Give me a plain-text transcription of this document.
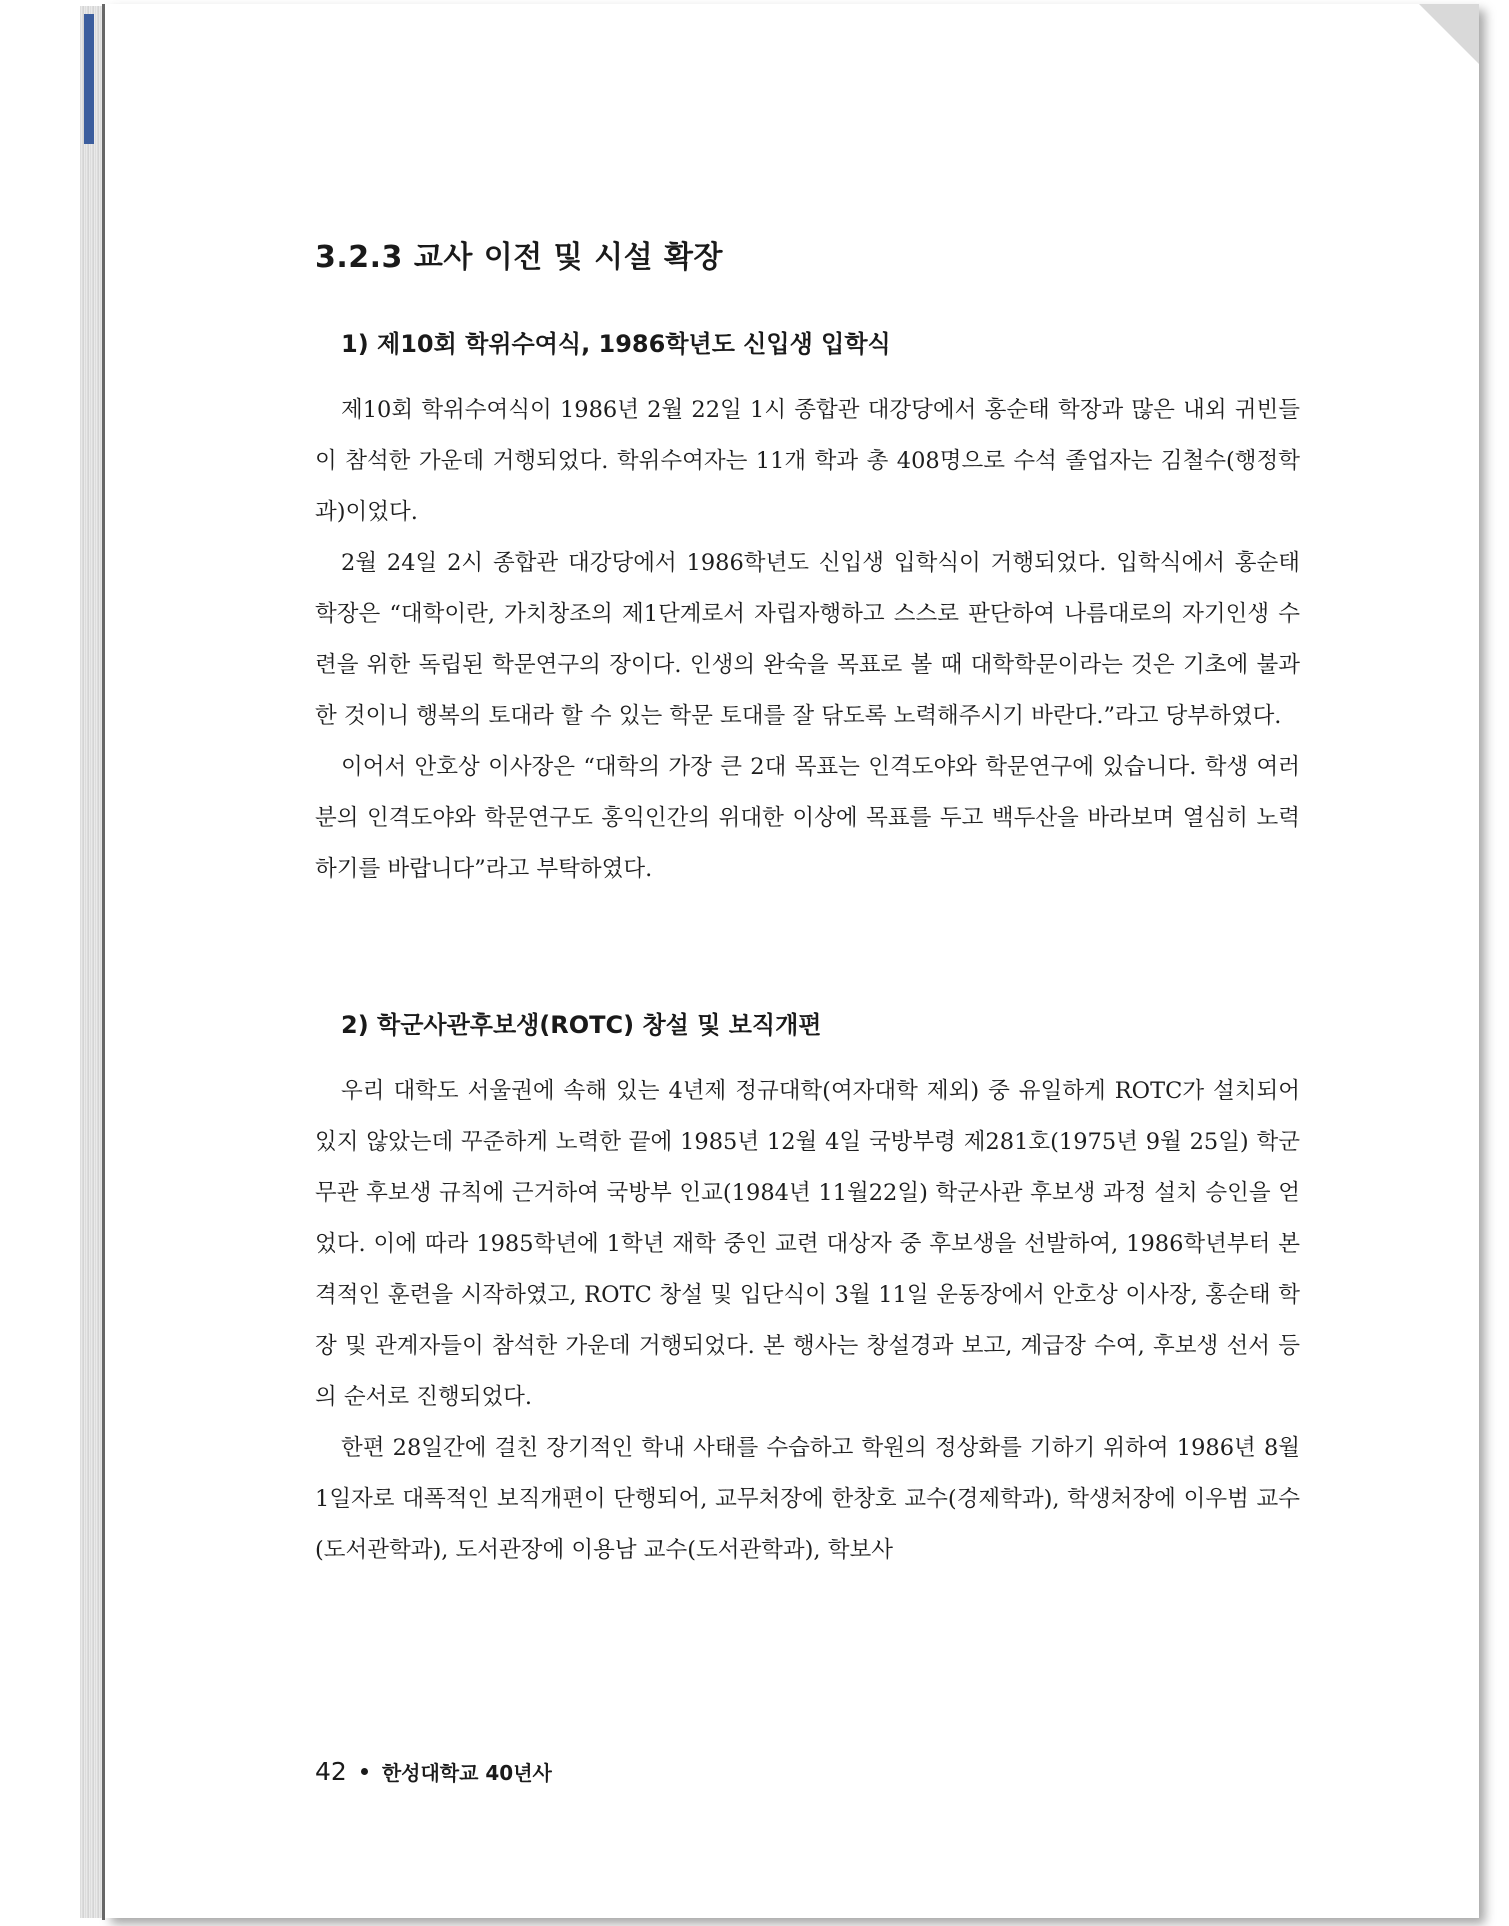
3.2.3 교사 이전 및 시설 확장
1) 제10회 학위수여식, 1986학년도 신입생 입학식

제10회 학위수여식이 1986년 2월 22일 1시 종합관 대강당에서 홍순태 학장과 많은 내외 귀빈들이 참석한 가운데 거행되었다. 학위수여자는 11개 학과 총 408명으로 수석 졸업자는 김철수(행정학과)이었다.

2월 24일 2시 종합관 대강당에서 1986학년도 신입생 입학식이 거행되었다. 입학식에서 홍순태 학장은 “대학이란, 가치창조의 제1단계로서 자립자행하고 스스로 판단하여 나름대로의 자기인생 수련을 위한 독립된 학문연구의 장이다. 인생의 완숙을 목표로 볼 때 대학학문이라는 것은 기초에 불과한 것이니 행복의 토대라 할 수 있는 학문 토대를 잘 닦도록 노력해주시기 바란다.”라고 당부하였다.

이어서 안호상 이사장은 “대학의 가장 큰 2대 목표는 인격도야와 학문연구에 있습니다. 학생 여러분의 인격도야와 학문연구도 홍익인간의 위대한 이상에 목표를 두고 백두산을 바라보며 열심히 노력하기를 바랍니다”라고 부탁하였다.

2) 학군사관후보생(ROTC) 창설 및 보직개편

우리 대학도 서울권에 속해 있는 4년제 정규대학(여자대학 제외) 중 유일하게 ROTC가 설치되어 있지 않았는데 꾸준하게 노력한 끝에 1985년 12월 4일 국방부령 제281호(1975년 9월 25일) 학군무관 후보생 규칙에 근거하여 국방부 인교(1984년 11월22일) 학군사관 후보생 과정 설치 승인을 얻었다. 이에 따라 1985학년에 1학년 재학 중인 교련 대상자 중 후보생을 선발하여, 1986학년부터 본격적인 훈련을 시작하였고, ROTC 창설 및 입단식이 3월 11일 운동장에서 안호상 이사장, 홍순태 학장 및 관계자들이 참석한 가운데 거행되었다. 본 행사는 창설경과 보고, 계급장 수여, 후보생 선서 등의 순서로 진행되었다.

한편 28일간에 걸친 장기적인 학내 사태를 수습하고 학원의 정상화를 기하기 위하여 1986년 8월 1일자로 대폭적인 보직개편이 단행되어, 교무처장에 한창호 교수(경제학과), 학생처장에 이우범 교수(도서관학과), 도서관장에 이용남 교수(도서관학과), 학보사

42 한성대학교 40년사
